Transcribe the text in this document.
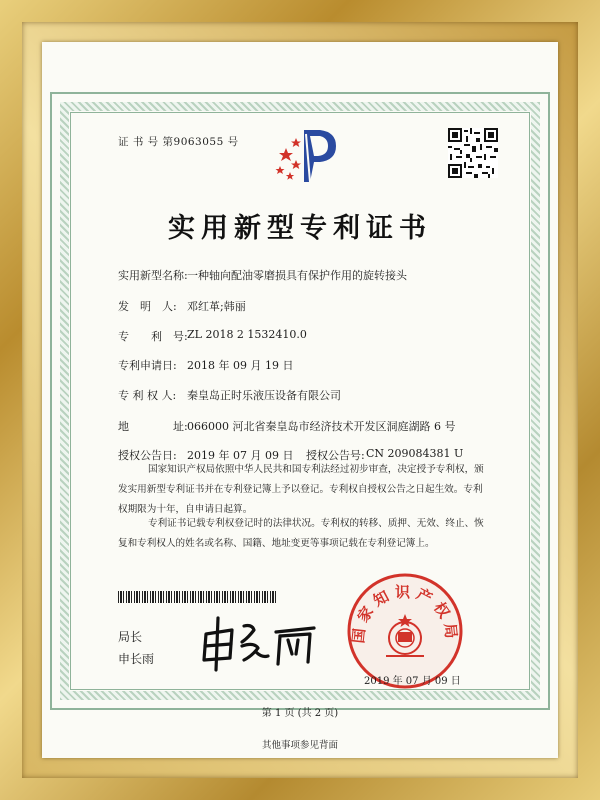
证 书 号 第9063055 号
实用新型专利证书
实用新型名称: 一种轴向配油零磨损具有保护作用的旋转接头
发　明　人: 邓红革;韩丽
专　　利　号: ZL 2018 2 1532410.0
专利申请日: 2018 年 09 月 19 日
专 利 权 人: 秦皇岛正时乐液压设备有限公司
地　　　　址: 066000 河北省秦皇岛市经济技术开发区洞庭湖路 6 号
授权公告日: 2019 年 07 月 09 日 授权公告号: CN 209084381 U
国家知识产权局依照中华人民共和国专利法经过初步审查，决定授予专利权，颁发实用新型专利证书并在专利登记簿上予以登记。专利权自授权公告之日起生效。专利权期限为十年，自申请日起算。
专利证书记载专利权登记时的法律状况。专利权的转移、质押、无效、终止、恢复和专利权人的姓名或名称、国籍、地址变更等事项记载在专利登记簿上。
局长
申长雨
国家知识产权局
2019 年 07 月 09 日
第 1 页 (共 2 页)
其他事项参见背面
